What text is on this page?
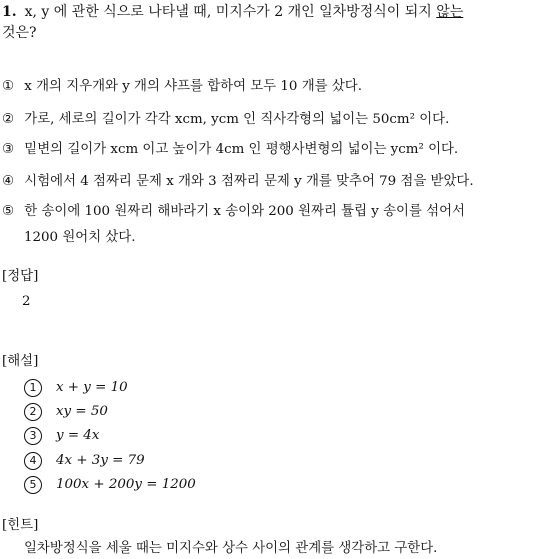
1. x, y 에 관한 식으로 나타낼 때, 미지수가 2 개인 일차방정식이 되지 않는
것은?
① x 개의 지우개와 y 개의 샤프를 합하여 모두 10 개를 샀다.
② 가로, 세로의 길이가 각각 xcm, ycm 인 직사각형의 넓이는 50cm² 이다.
③ 밑변의 길이가 xcm 이고 높이가 4cm 인 평행사변형의 넓이는 ycm² 이다.
④ 시험에서 4 점짜리 문제 x 개와 3 점짜리 문제 y 개를 맞추어 79 점을 받았다.
⑤ 한 송이에 100 원짜리 해바라기 x 송이와 200 원짜리 튤립 y 송이를 섞어서
1200 원어치 샀다.
[정답]
2
[해설]
1 x + y = 10
2 xy = 50
3 y = 4x
4 4x + 3y = 79
5 100x + 200y = 1200
[힌트]
일차방정식을 세울 때는 미지수와 상수 사이의 관계를 생각하고 구한다.
